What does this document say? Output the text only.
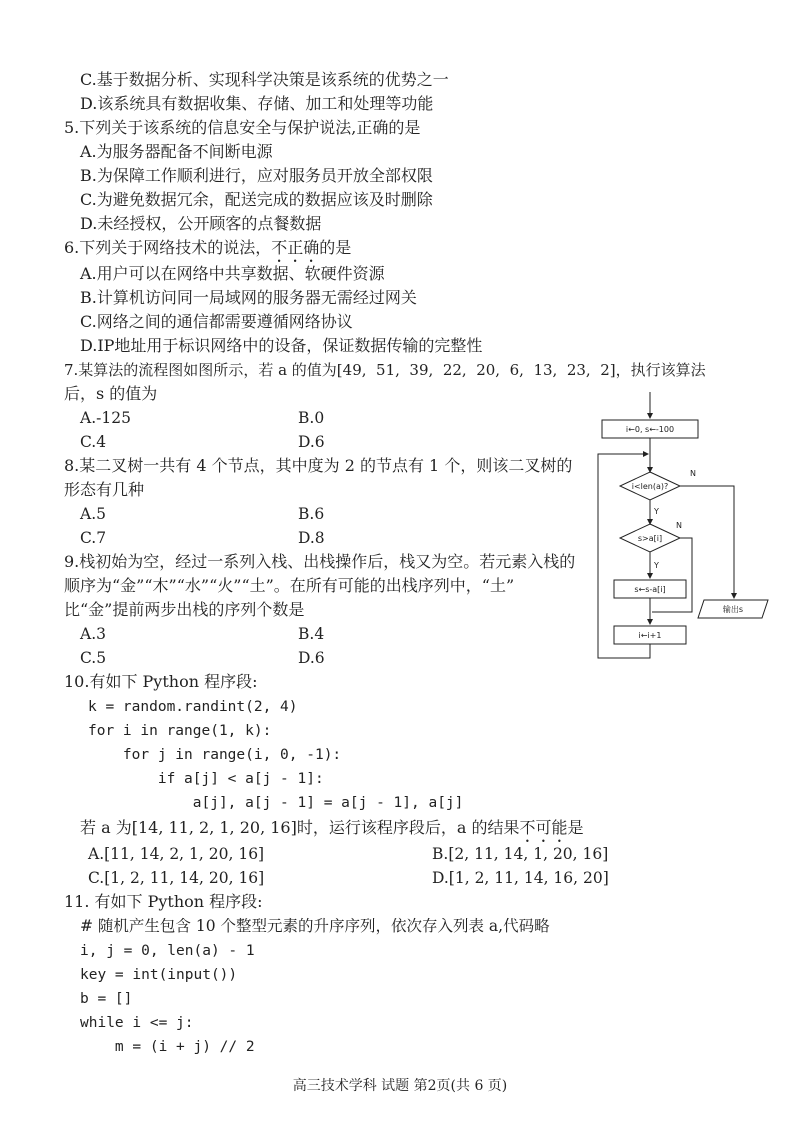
C.基于数据分析、实现科学决策是该系统的优势之一
D.该系统具有数据收集、存储、加工和处理等功能
5.下列关于该系统的信息安全与保护说法,正确的是
A.为服务器配备不间断电源
B.为保障工作顺利进行，应对服务员开放全部权限
C.为避免数据冗余，配送完成的数据应该及时删除
D.未经授权，公开顾客的点餐数据
6.下列关于网络技术的说法，不正确的是
A.用户可以在网络中共享数据、软硬件资源
B.计算机访问同一局域网的服务器无需经过网关
C.网络之间的通信都需要遵循网络协议
D.IP地址用于标识网络中的设备，保证数据传输的完整性
7.某算法的流程图如图所示，若 a 的值为[49,  51,  39,  22,  20,  6,  13,  23,  2]，执行该算法
后，s 的值为
A.-125	B.0
C.4	D.6
8.某二叉树一共有 4 个节点，其中度为 2 的节点有 1 个，则该二叉树的
形态有几种
A.5	B.6
C.7	D.8
9.栈初始为空，经过一系列入栈、出栈操作后，栈又为空。若元素入栈的
顺序为“金”“木”“水”“火”“土”。在所有可能的出栈序列中，“土”
比“金”提前两步出栈的序列个数是
A.3	B.4
C.5	D.6
i←0, s←-100
i<len(a)?
s>a[i]
s←s-a[i]
i←i+1
输出s
Y
Y
N
N
10.有如下 Python 程序段:
k = random.randint(2, 4)
for i in range(1, k):
for j in range(i, 0, -1):
if a[j] < a[j - 1]:
a[j], a[j - 1] = a[j - 1], a[j]
若 a 为[14, 11, 2, 1, 20, 16]时，运行该程序段后，a 的结果不可能是
A.[11, 14, 2, 1, 20, 16]	B.[2, 11, 14, 1, 20, 16]
C.[1, 2, 11, 14, 20, 16]	D.[1, 2, 11, 14, 16, 20]
11. 有如下 Python 程序段:
# 随机产生包含 10 个整型元素的升序序列，依次存入列表 a,代码略
i, j = 0, len(a) - 1
key = int(input())
b = []
while i <= j:
m = (i + j) // 2
高三技术学科 试题 第2页(共 6 页)
